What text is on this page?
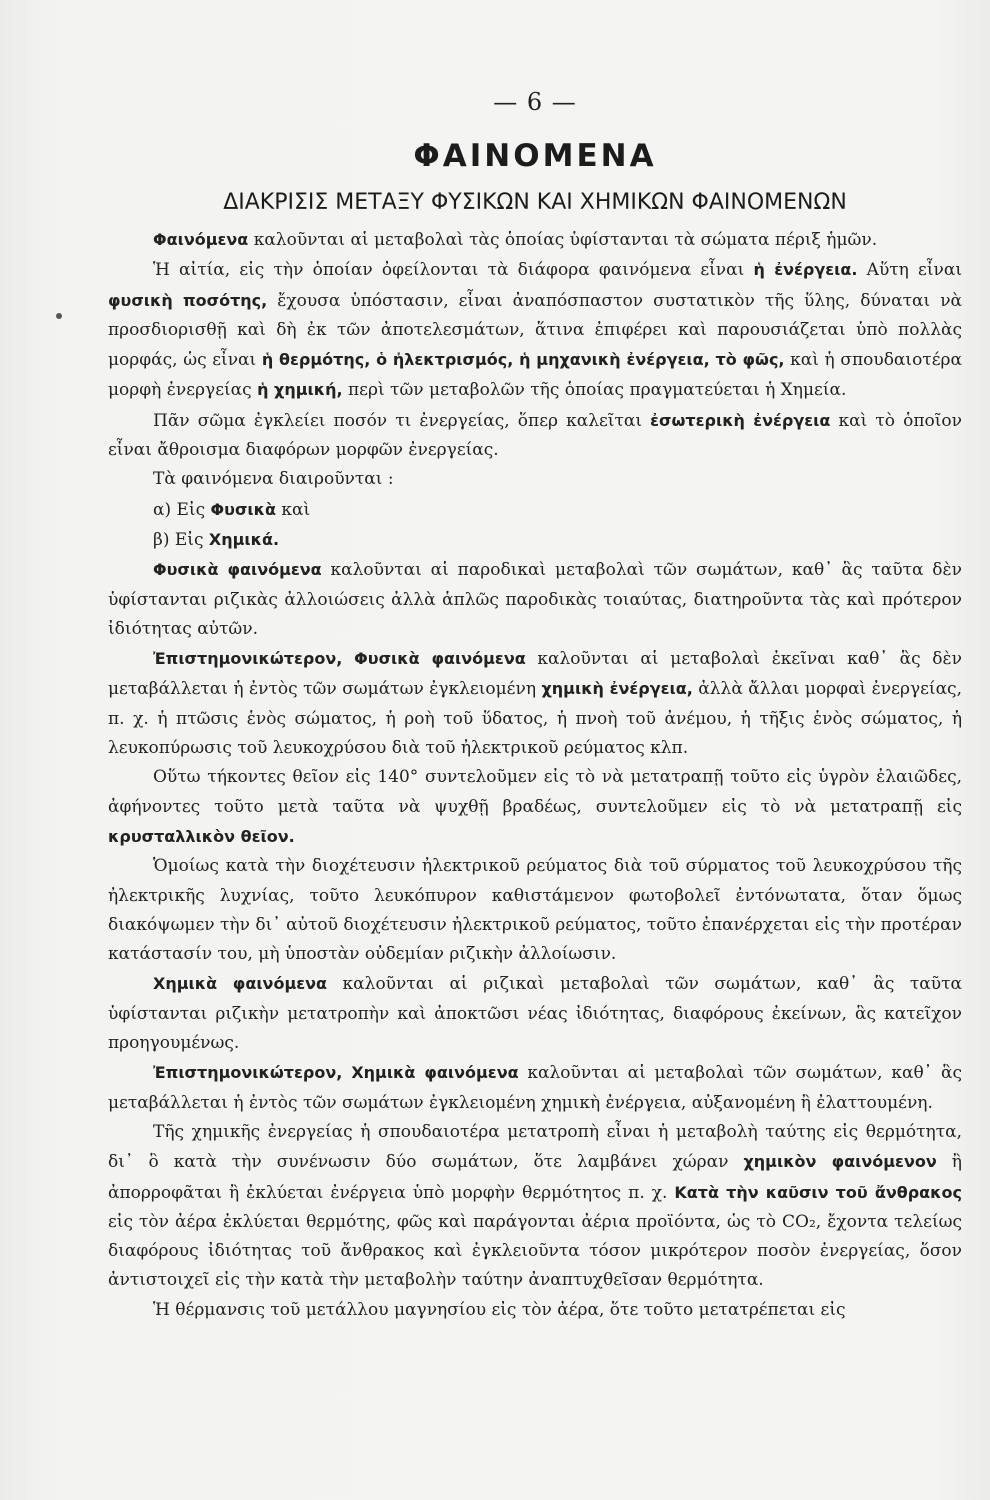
— 6 —
ΦΑΙΝΟΜΕΝΑ
ΔΙΑΚΡΙΣΙΣ ΜΕΤΑΞΥ ΦΥΣΙΚΩΝ ΚΑΙ ΧΗΜΙΚΩΝ ΦΑΙΝΟΜΕΝΩΝ

Φαινόμενα καλοῦνται αἱ μεταβολαὶ τὰς ὁποίας ὑφίστανται τὰ σώματα πέριξ ἡμῶν.

Ἡ αἰτία, εἰς τὴν ὁποίαν ὀφείλονται τὰ διάφορα φαινόμενα εἶναι ἡ ἐνέργεια. Αὕτη εἶναι φυσικὴ ποσότης, ἔχουσα ὑπόστασιν, εἶναι ἀναπόσπαστον συστατικὸν τῆς ὕλης, δύναται νὰ προσδιορισθῇ καὶ δὴ ἐκ τῶν ἀποτελεσμάτων, ἅτινα ἐπιφέρει καὶ παρουσιάζεται ὑπὸ πολλὰς μορφάς, ὡς εἶναι ἡ θερμότης, ὁ ἠλεκτρισμός, ἡ μηχανικὴ ἐνέργεια, τὸ φῶς, καὶ ἡ σπουδαιοτέρα μορφὴ ἐνεργείας ἡ χημική, περὶ τῶν μεταβολῶν τῆς ὁποίας πραγματεύεται ἡ Χημεία.

Πᾶν σῶμα ἐγκλείει ποσόν τι ἐνεργείας, ὅπερ καλεῖται ἐσωτερικὴ ἐνέργεια καὶ τὸ ὁποῖον εἶναι ἄθροισμα διαφόρων μορφῶν ἐνεργείας.

Τὰ φαινόμενα διαιροῦνται :

α) Εἰς Φυσικὰ καὶ

β) Εἰς Χημικά.

Φυσικὰ φαινόμενα καλοῦνται αἱ παροδικαὶ μεταβολαὶ τῶν σωμάτων, καθ᾽ ἃς ταῦτα δὲν ὑφίστανται ριζικὰς ἀλλοιώσεις ἀλλὰ ἁπλῶς παροδικὰς τοιαύτας, διατηροῦντα τὰς καὶ πρότερον ἰδιότητας αὐτῶν.

Ἐπιστημονικώτερον, Φυσικὰ φαινόμενα καλοῦνται αἱ μεταβολαὶ ἐκεῖναι καθ᾽ ἃς δὲν μεταβάλλεται ἡ ἐντὸς τῶν σωμάτων ἐγκλειομένη χημικὴ ἐνέργεια, ἀλλὰ ἄλλαι μορφαὶ ἐνεργείας, π. χ. ἡ πτῶσις ἑνὸς σώματος, ἡ ροὴ τοῦ ὕδατος, ἡ πνοὴ τοῦ ἀνέμου, ἡ τῆξις ἑνὸς σώματος, ἡ λευκοπύρωσις τοῦ λευκοχρύσου διὰ τοῦ ἠλεκτρικοῦ ρεύματος κλπ.

Οὕτω τήκοντες θεῖον εἰς 140° συντελοῦμεν εἰς τὸ νὰ μετατραπῇ τοῦτο εἰς ὑγρὸν ἐλαιῶδες, ἀφήνοντες τοῦτο μετὰ ταῦτα νὰ ψυχθῇ βραδέως, συντελοῦμεν εἰς τὸ νὰ μετατραπῇ εἰς κρυσταλλικὸν θεῖον.

Ὁμοίως κατὰ τὴν διοχέτευσιν ἠλεκτρικοῦ ρεύματος διὰ τοῦ σύρματος τοῦ λευκοχρύσου τῆς ἠλεκτρικῆς λυχνίας, τοῦτο λευκόπυρον καθιστάμενον φωτοβολεῖ ἐντόνωτατα, ὅταν ὅμως διακόψωμεν τὴν δι᾽ αὐτοῦ διοχέτευσιν ἠλεκτρικοῦ ρεύματος, τοῦτο ἐπανέρχεται εἰς τὴν προτέραν κατάστασίν του, μὴ ὑποστὰν οὐδεμίαν ριζικὴν ἀλλοίωσιν.

Χημικὰ φαινόμενα καλοῦνται αἱ ριζικαὶ μεταβολαὶ τῶν σωμάτων, καθ᾽ ἃς ταῦτα ὑφίστανται ριζικὴν μετατροπὴν καὶ ἀποκτῶσι νέας ἰδιότητας, διαφόρους ἐκείνων, ἃς κατεῖχον προηγουμένως.

Ἐπιστημονικώτερον, Χημικὰ φαινόμενα καλοῦνται αἱ μεταβολαὶ τῶν σωμάτων, καθ᾽ ἃς μεταβάλλεται ἡ ἐντὸς τῶν σωμάτων ἐγκλειομένη χημικὴ ἐνέργεια, αὐξανομένη ἢ ἐλαττουμένη.

Τῆς χημικῆς ἐνεργείας ἡ σπουδαιοτέρα μετατροπὴ εἶναι ἡ μεταβολὴ ταύτης εἰς θερμότητα, δι᾽ ὃ κατὰ τὴν συνένωσιν δύο σωμάτων, ὅτε λαμβάνει χώραν χημικὸν φαινόμενον ἢ ἀπορροφᾶται ἢ ἐκλύεται ἐνέργεια ὑπὸ μορφὴν θερμότητος π. χ. Κατὰ τὴν καῦσιν τοῦ ἄνθρακος εἰς τὸν ἀέρα ἐκλύεται θερμότης, φῶς καὶ παράγονται ἀέρια προϊόντα, ὡς τὸ CO₂, ἔχοντα τελείως διαφόρους ἰδιότητας τοῦ ἄνθρακος καὶ ἐγκλειοῦντα τόσον μικρότερον ποσὸν ἐνεργείας, ὅσον ἀντιστοιχεῖ εἰς τὴν κατὰ τὴν μεταβολὴν ταύτην ἀναπτυχθεῖσαν θερμότητα.

Ἡ θέρμανσις τοῦ μετάλλου μαγνησίου εἰς τὸν ἀέρα, ὅτε τοῦτο μετατρέπεται εἰς
